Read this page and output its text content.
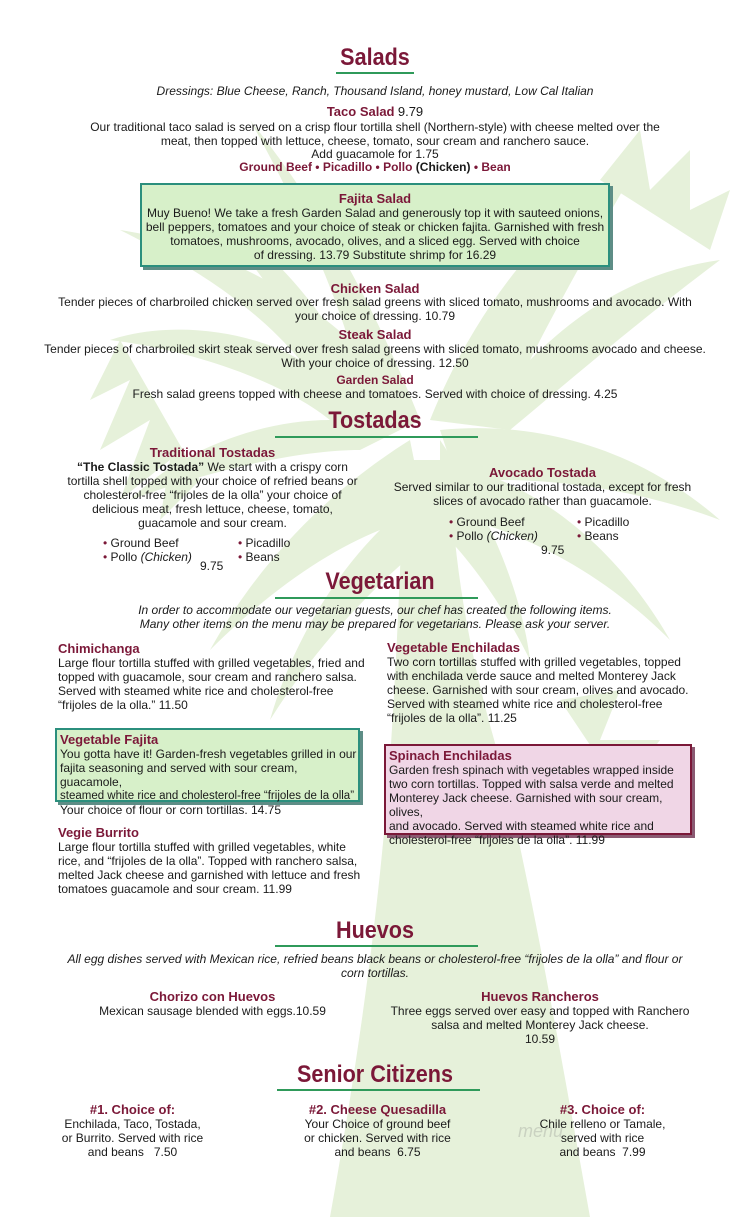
Salads
Dressings: Blue Cheese, Ranch, Thousand Island, honey mustard, Low Cal Italian
Taco Salad 9.79
Our traditional taco salad is served on a crisp flour tortilla shell (Northern-style) with cheese melted over the
meat, then topped with lettuce, cheese, tomato, sour cream and ranchero sauce.
Add guacamole for 1.75
Ground Beef • Picadillo • Pollo (Chicken) • Bean
Fajita Salad
Muy Bueno! We take a fresh Garden Salad and generously top it with sauteed onions,
bell peppers, tomatoes and your choice of steak or chicken fajita. Garnished with fresh
tomatoes, mushrooms, avocado, olives, and a sliced egg. Served with choice
of dressing. 13.79 Substitute shrimp for 16.29
Chicken Salad
Tender pieces of charbroiled chicken served over fresh salad greens with sliced tomato, mushrooms and avocado. With
your choice of dressing. 10.79
Steak Salad
Tender pieces of charbroiled skirt steak served over fresh salad greens with sliced tomato, mushrooms avocado and cheese.
With your choice of dressing. 12.50
Garden Salad
Fresh salad greens topped with cheese and tomatoes. Served with choice of dressing. 4.25
Tostadas
Traditional Tostadas
“The Classic Tostada” We start with a crispy corn
tortilla shell topped with your choice of refried beans or
cholesterol-free “frijoles de la olla” your choice of
delicious meat, fresh lettuce, cheese, tomato,
guacamole and sour cream.
• Ground Beef	• Picadillo
• Pollo (Chicken)	• Beans
9.75
Avocado Tostada
Served similar to our traditional tostada, except for fresh
slices of avocado rather than guacamole.
• Ground Beef	• Picadillo
• Pollo (Chicken)	• Beans
9.75
Vegetarian
In order to accommodate our vegetarian guests, our chef has created the following items.
Many other items on the menu may be prepared for vegetarians. Please ask your server.
Chimichanga
Large flour tortilla stuffed with grilled vegetables, fried and
topped with guacamole, sour cream and ranchero salsa.
Served with steamed white rice and cholesterol-free
“frijoles de la olla.” 11.50
Vegetable Enchiladas
Two corn tortillas stuffed with grilled vegetables, topped
with enchilada verde sauce and melted Monterey Jack
cheese. Garnished with sour cream, olives and avocado.
Served with steamed white rice and cholesterol-free
“frijoles de la olla”. 11.25
Vegetable Fajita
You gotta have it! Garden-fresh vegetables grilled in our
fajita seasoning and served with sour cream, guacamole,
steamed white rice and cholesterol-free “frijoles de la olla”
Your choice of flour or corn tortillas. 14.75
Spinach Enchiladas
Garden fresh spinach with vegetables wrapped inside
two corn tortillas. Topped with salsa verde and melted
Monterey Jack cheese. Garnished with sour cream, olives,
and avocado. Served with steamed white rice and
cholesterol-free “frijoles de la olla”. 11.99
Vegie Burrito
Large flour tortilla stuffed with grilled vegetables, white
rice, and “frijoles de la olla”. Topped with ranchero salsa,
melted Jack cheese and garnished with lettuce and fresh
tomatoes guacamole and sour cream. 11.99
Huevos
All egg dishes served with Mexican rice, refried beans black beans or cholesterol-free “frijoles de la olla” and flour or
corn tortillas.
Chorizo con Huevos
Mexican sausage blended with eggs.10.59
Huevos Rancheros
Three eggs served over easy and topped with Ranchero
salsa and melted Monterey Jack cheese.
10.59
Senior Citizens
#1. Choice of:
Enchilada, Taco, Tostada,
or Burrito. Served with rice
and beans   7.50
#2. Cheese Quesadilla
Your Choice of ground beef
or chicken. Served with rice
and beans  6.75
#3. Choice of:
Chile relleno or Tamale,
served with rice
and beans  7.99
menu
